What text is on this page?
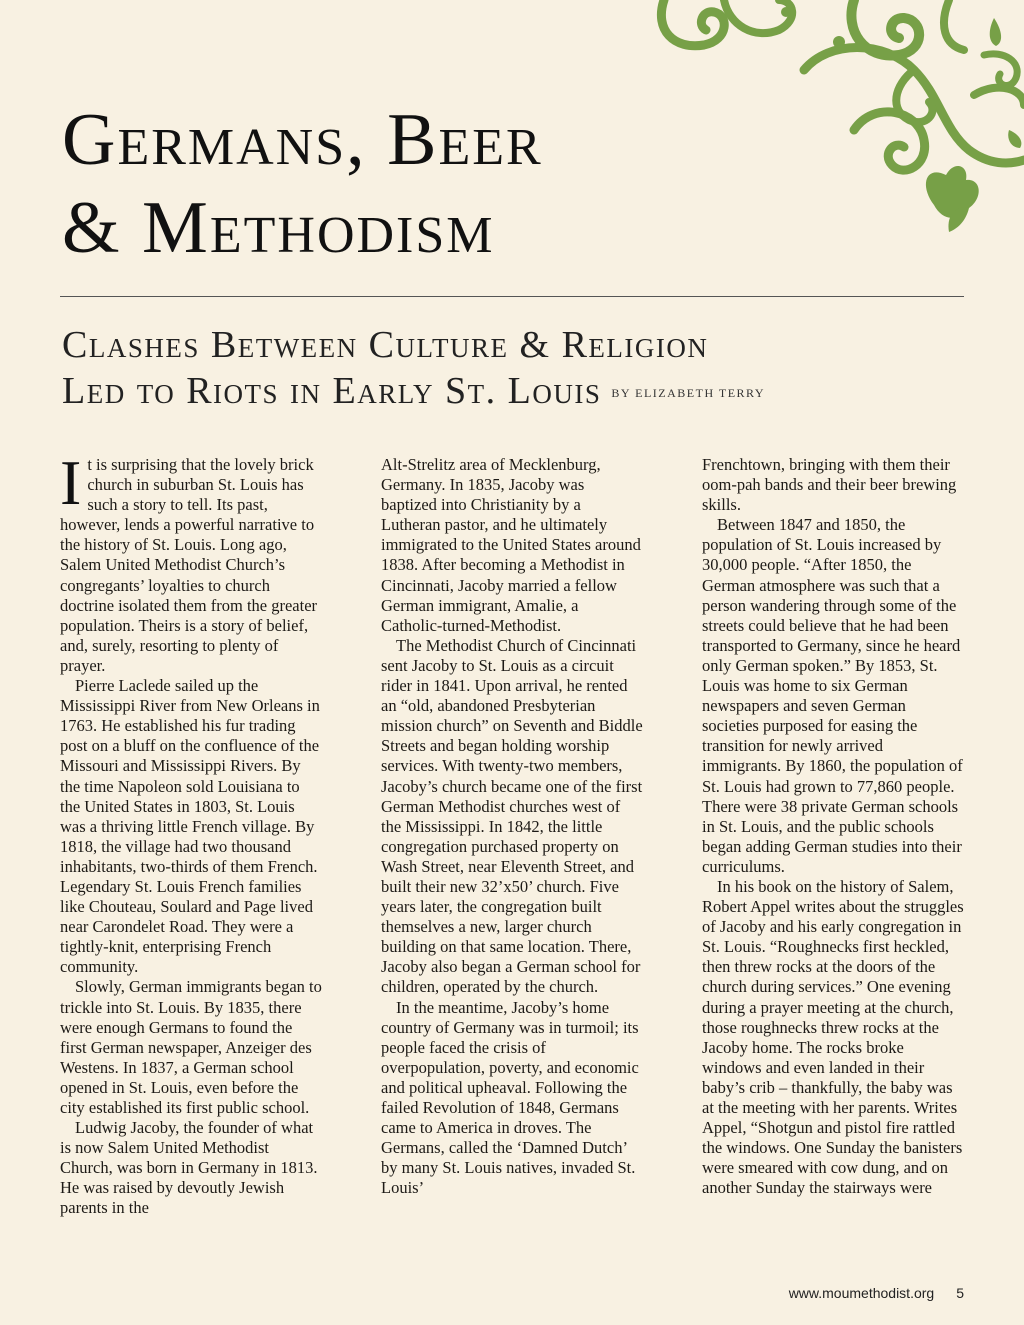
Germans, Beer
& Methodism
Clashes Between Culture & Religion
Led to Riots in Early St. Louis BY ELIZABETH TERRY

It is surprising that the lovely brick church in suburban St. Louis has such a story to tell. Its past, however, lends a powerful narrative to the history of St. Louis. Long ago, Salem United Methodist Church’s congregants’ loyalties to church doctrine isolated them from the greater population. Theirs is a story of belief, and, surely, resorting to plenty of prayer.

Pierre Laclede sailed up the Mississippi River from New Orleans in 1763. He established his fur trading post on a bluff on the confluence of the Missouri and Mississippi Rivers. By the time Napoleon sold Louisiana to the United States in 1803, St. Louis was a thriving little French village. By 1818, the village had two thousand inhabitants, two-thirds of them French. Legendary St. Louis French families like Chouteau, Soulard and Page lived near Carondelet Road. They were a tightly-knit, enterprising French community.

Slowly, German immigrants began to trickle into St. Louis. By 1835, there were enough Germans to found the first German newspaper, Anzeiger des Westens. In 1837, a German school opened in St. Louis, even before the city established its first public school.

Ludwig Jacoby, the founder of what is now Salem United Methodist Church, was born in Germany in 1813. He was raised by devoutly Jewish parents in the

Alt-Strelitz area of Mecklenburg, Germany. In 1835, Jacoby was baptized into Christianity by a Lutheran pastor, and he ultimately immigrated to the United States around 1838. After becoming a Methodist in Cincinnati, Jacoby married a fellow German immigrant, Amalie, a Catholic-turned-Methodist.

The Methodist Church of Cincinnati sent Jacoby to St. Louis as a circuit rider in 1841. Upon arrival, he rented an “old, abandoned Presbyterian mission church” on Seventh and Biddle Streets and began holding worship services. With twenty-two members, Jacoby’s church became one of the first German Methodist churches west of the Mississippi. In 1842, the little congregation purchased property on Wash Street, near Eleventh Street, and built their new 32’x50’ church. Five years later, the congregation built themselves a new, larger church building on that same location. There, Jacoby also began a German school for children, operated by the church.

In the meantime, Jacoby’s home country of Germany was in turmoil; its people faced the crisis of overpopulation, poverty, and economic and political upheaval. Following the failed Revolution of 1848, Germans came to America in droves. The Germans, called the ‘Damned Dutch’ by many St. Louis natives, invaded St. Louis’

Frenchtown, bringing with them their oom-pah bands and their beer brewing skills.

Between 1847 and 1850, the population of St. Louis increased by 30,000 people. “After 1850, the German atmosphere was such that a person wandering through some of the streets could believe that he had been transported to Germany, since he heard only German spoken.” By 1853, St. Louis was home to six German newspapers and seven German societies purposed for easing the transition for newly arrived immigrants. By 1860, the population of St. Louis had grown to 77,860 people. There were 38 private German schools in St. Louis, and the public schools began adding German studies into their curriculums.

In his book on the history of Salem, Robert Appel writes about the struggles of Jacoby and his early congregation in St. Louis. “Roughnecks first heckled, then threw rocks at the doors of the church during services.” One evening during a prayer meeting at the church, those roughnecks threw rocks at the Jacoby home. The rocks broke windows and even landed in their baby’s crib – thankfully, the baby was at the meeting with her parents. Writes Appel, “Shotgun and pistol fire rattled the windows. One Sunday the banisters were smeared with cow dung, and on another Sunday the stairways were

www.moumethodist.org 5
